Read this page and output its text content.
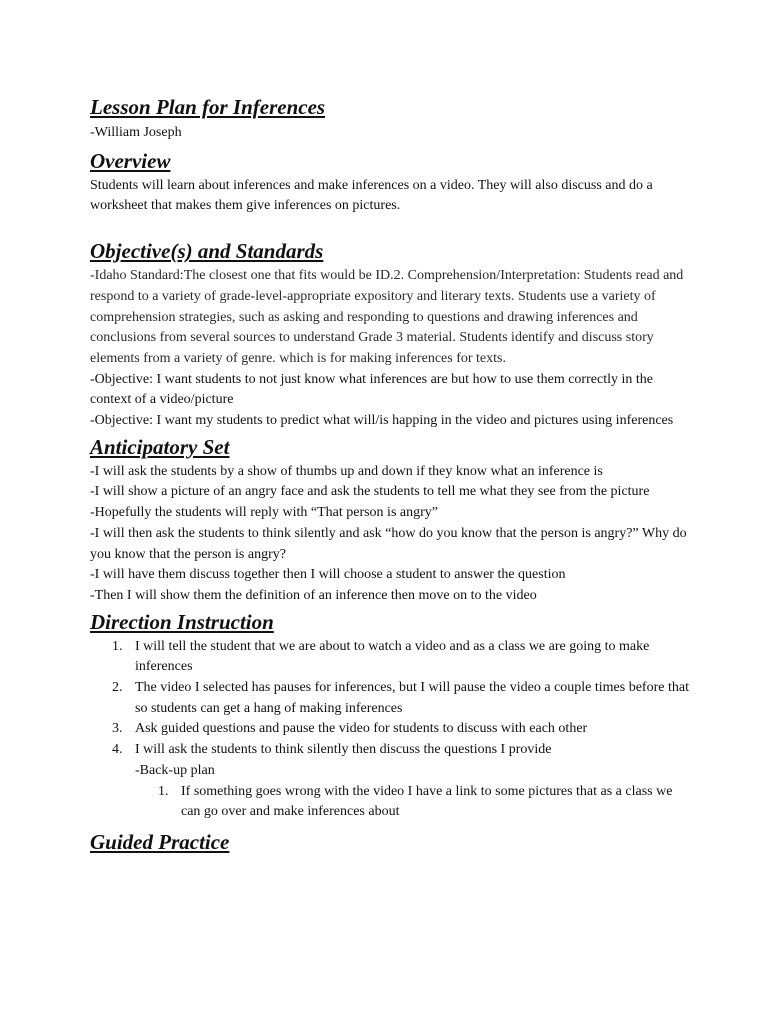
Lesson Plan for Inferences

-William Joseph

Overview

Students will learn about inferences and make inferences on a video. They will also discuss and do a worksheet that makes them give inferences on pictures.

Objective(s) and Standards

-Idaho Standard:The closest one that fits would be ID.2. Comprehension/Interpretation: Students read and respond to a variety of grade-level-appropriate expository and literary texts. Students use a variety of comprehension strategies, such as asking and responding to questions and drawing inferences and conclusions from several sources to understand Grade 3 material. Students identify and discuss story elements from a variety of genre. which is for making inferences for texts.

-Objective: I want students to not just know what inferences are but how to use them correctly in the context of a video/picture

-Objective: I want my students to predict what will/is happing in the video and pictures using inferences

Anticipatory Set

-I will ask the students by a show of thumbs up and down if they know what an inference is

-I will show a picture of an angry face and ask the students to tell me what they see from the picture

-Hopefully the students will reply with “That person is angry”

-I will then ask the students to think silently and ask “how do you know that the person is angry?” Why do you know that the person is angry?

-I will have them discuss together then I will choose a student to answer the question

-Then I will show them the definition of an inference then move on to the video

Direction Instruction
1. I will tell the student that we are about to watch a video and as a class we are going to make inferences
2. The video I selected has pauses for inferences, but I will pause the video a couple times before that so students can get a hang of making inferences
3. Ask guided questions and pause the video for students to discuss with each other
4. I will ask the students to think silently then discuss the questions I provide
-Back-up plan
1. If something goes wrong with the video I have a link to some pictures that as a class we can go over and make inferences about
Guided Practice
